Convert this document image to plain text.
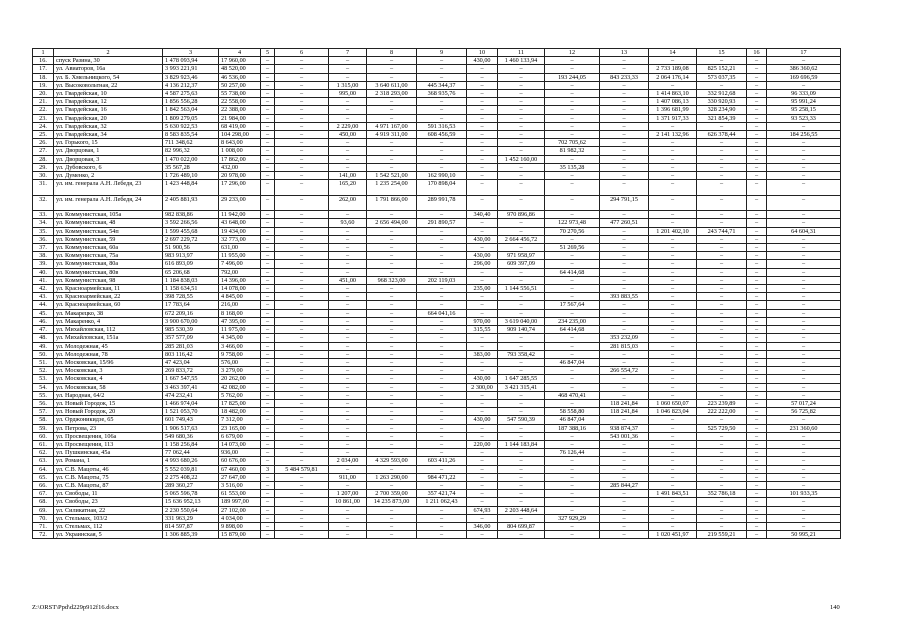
1	2	3	4	5	6	7	8	9	10	11	12	13	14	15	16	17
16.	спуск Разина, 30	1 478 093,94	17 960,00	–	–	–	–	–	430,00	1 460 133,94	–	–	–	–	–	–
17.	ул. Авиаторов, 16а	3 993 221,91	48 520,00	–	–	–	–	–	–	–	–	–	2 733 189,08	825 152,21	–	386 360,62
18.	ул. Б. Хмельницкого, 54	3 829 923,46	46 536,00	–	–	–	–	–	–	–	193 244,05	843 233,33	2 064 176,14	573 037,35	–	169 696,59
19.	ул. Высоковольтная, 22	4 136 212,37	50 257,00	–	–	1 315,00	3 640 611,00	445 344,37	–	–	–	–	–	–	–	–
20.	ул. Гвардейская, 10	4 587 275,63	55 738,00	–	–	995,00	2 318 293,00	368 935,76	–	–	–	–	1 414 863,10	332 912,68	–	96 333,09
21.	ул. Гвардейская, 12	1 856 556,28	22 558,00	–	–	–	–	–	–	–	–	–	1 407 086,13	330 920,93	–	95 991,24
22.	ул. Гвардейская, 16	1 842 563,04	22 388,00	–	–	–	–	–	–	–	–	–	1 396 681,99	328 234,90	–	95 258,15
23.	ул. Гвардейская, 20	1 809 279,05	21 984,00	–	–	–	–	–	–	–	–	–	1 371 917,33	321 854,39	–	93 523,33
24.	ул. Гвардейская, 32	5 630 922,53	68 419,00	–	–	2 229,00	4 971 167,00	591 316,53	–	–	–	–	–	–	–	–
25.	ул. Гвардейская, 34	8 583 835,54	104 298,00	–	–	450,00	4 919 311,00	608 456,59	–	–	–	–	2 141 132,96	626 378,44	–	184 256,55
26.	ул. Горького, 15	711 348,62	8 643,00	–	–	–	–	–	–	–	702 705,62	–	–	–	–	–
27.	ул. Дворцовая, 1	82 996,32	1 008,00	–	–	–	–	–	–	–	81 982,32	–	–	–	–	–
28.	ул. Дворцовая, 3	1 470 022,00	17 862,00	–	–	–	–	–	–	1 452 160,00	–	–	–	–	–	–
29.	ул. Дубовского, 6	35 567,28	432,00	–	–	–	–	–	–	–	35 135,28	–	–	–	–	–
30.	ул. Думенко, 2	1 726 489,10	20 978,00	–	–	141,00	1 542 521,00	162 990,10	–	–	–	–	–	–	–	–
31.	ул. им. генерала А.Н. Лебедя, 23	1 423 448,84	17 296,00	–	–	165,20	1 235 254,00	170 898,04	–	–	–	–	–	–	–	–
32.	ул. им. генерала А.Н. Лебедя, 24	2 405 881,93	29 233,00	–	–	262,00	1 791 866,00	289 991,78	–	–	–	294 791,15	–	–	–	–
33.	ул. Коммунистская, 105а	982 838,86	11 942,00	–	–	–	–	–	340,40	970 896,86	–	–	–	–	–	–
34.	ул. Коммунистская, 48	3 592 266,56	43 648,00	–	–	93,60	2 656 494,00	291 890,57	–	–	122 973,48	477 260,51	–	–	–	–
35.	ул. Коммунистская, 54п	1 599 455,68	19 434,00	–	–	–	–	–	–	–	70 270,56	–	1 201 402,10	243 744,71	–	64 604,31
36.	ул. Коммунистская, 59	2 697 229,72	32 773,00	–	–	–	–	–	430,00	2 664 456,72	–	–	–	–	–	–
37.	ул. Коммунистская, 60а	51 900,56	631,00	–	–	–	–	–	–	–	51 269,56	–	–	–	–	–
38.	ул. Коммунистская, 75а	983 913,97	11 955,00	–	–	–	–	–	430,00	971 958,97	–	–	–	–	–	–
39.	ул. Коммунистская, 80а	616 893,09	7 496,00	–	–	–	–	–	296,00	609 397,09	–	–	–	–	–	–
40.	ул. Коммунистская, 80в	65 206,68	792,00	–	–	–	–	–	–	–	64 414,68	–	–	–	–	–
41.	ул. Коммунистская, 98	1 184 838,03	14 396,00	–	–	451,00	968 323,00	202 119,03	–	–	–	–	–	–	–	–
42.	ул. Красноармейская, 11	1 158 634,51	14 078,00	–	–	–	–	–	235,00	1 144 556,51	–	–	–	–	–	–
43.	ул. Красноармейская, 22	398 728,55	4 845,00	–	–	–	–	–	–	–	–	393 883,55	–	–	–	–
44.	ул. Красноармейская, 60	17 783,64	216,00	–	–	–	–	–	–	–	17 567,64	–	–	–	–	–
45.	ул. Макарецко, 38	672 209,16	8 168,00	–	–	–	–	664 041,16	–	–	–	–	–	–	–	–
46.	ул. Макаренко, 4	3 900 670,00	47 395,00	–	–	–	–	–	970,00	3 619 040,00	234 235,00	–	–	–	–	–
47.	ул. Михайловская, 112	985 530,39	11 975,00	–	–	–	–	–	315,55	909 140,74	64 414,68	–	–	–	–	–
48.	ул. Михайловская, 151а	357 577,09	4 345,00	–	–	–	–	–	–	–	–	353 232,09	–	–	–	–
49.	ул. Молодежная, 45	285 281,03	3 466,00	–	–	–	–	–	–	–	–	281 815,03	–	–	–	–
50.	ул. Молодежная, 78	803 116,42	9 758,00	–	–	–	–	–	383,00	793 358,42	–	–	–	–	–	–
51.	ул. Московская, 15/96	47 423,04	576,00	–	–	–	–	–	–	–	46 847,04	–	–	–	–	–
52.	ул. Московская, 3	269 833,72	3 279,00	–	–	–	–	–	–	–	–	266 554,72	–	–	–	–
53.	ул. Московская, 4	1 667 547,55	20 262,00	–	–	–	–	–	430,00	1 647 285,55	–	–	–	–	–	–
54.	ул. Московская, 58	3 463 397,41	42 082,00	–	–	–	–	–	2 300,00	3 421 315,41	–	–	–	–	–	–
55.	ул. Народная, 64/2	474 232,41	5 762,00	–	–	–	–	–	–	–	468 470,41	–	–	–	–	–
56.	ул. Новый Городок, 15	1 466 974,04	17 825,00	–	–	–	–	–	–	–	–	118 241,84	1 060 650,07	223 239,89	–	57 017,24
57.	ул. Новый Городок, 20	1 521 053,70	18 482,00	–	–	–	–	–	–	–	58 558,80	118 241,84	1 046 823,04	222 222,00	–	56 725,82
58.	ул. Орджоникидзе, 65	601 749,43	7 312,00	–	–	–	–	–	430,00	547 590,39	46 847,04	–	–	–	–	–
59.	ул. Петрова, 23	1 906 517,63	23 165,00	–	–	–	–	–	–	–	187 388,16	938 874,37	–	525 729,50	–	231 360,60
60.	ул. Просвещения, 106а	549 680,36	6 679,00	–	–	–	–	–	–	–	–	543 001,36	–	–	–	–
61.	ул. Просвещения, 113	1 158 256,84	14 073,00	–	–	–	–	–	220,00	1 144 183,84	–	–	–	–	–	–
62.	ул. Пушкинская, 45а	77 062,44	936,00	–	–	–	–	–	–	–	76 126,44	–	–	–	–	–
63.	ул. Романа, 1	4 993 680,26	60 676,00	–	–	2 034,00	4 329 593,00	603 411,26	–	–	–	–	–	–	–	–
64.	ул. С.В. Мацоты, 46	5 552 039,81	67 460,00	3	5 484 579,81	–	–	–	–	–	–	–	–	–	–	–
65.	ул. С.В. Мацоты, 75	2 275 408,22	27 647,00	–	–	911,00	1 263 290,00	984 471,22	–	–	–	–	–	–	–	–
66.	ул. С.В. Мацоты, 87	289 360,27	3 516,00	–	–	–	–	–	–	–	–	285 844,27	–	–	–	–
67.	ул. Свободы, 11	5 065 596,78	61 553,00	–	–	1 207,00	2 700 359,00	357 421,74	–	–	–	–	1 491 843,51	352 786,18	–	101 933,35
68.	ул. Свободы, 23	15 636 952,13	189 997,00	–	–	10 861,00	14 235 873,00	1 211 062,43	–	–	–	–	–	–	–	–
69.	ул. Силикатная, 22	2 230 550,64	27 102,00	–	–	–	–	–	674,93	2 203 448,64	–	–	–	–	–	–
70.	ул. Стельмах, 103/2	331 963,29	4 034,00	–	–	–	–	–	–	–	327 929,29	–	–	–	–	–
71.	ул. Стельмах, 112	814 597,87	9 898,00	–	–	–	–	–	346,00	804 699,87	–	–	–	–	–	–
72.	ул. Украинская, 5	1 306 885,39	15 879,00	–	–	–	–	–	–	–	–	–	1 020 451,97	219 559,21	–	50 995,21
Z:\ORST\Ppd\d229p912f16.docx	140
